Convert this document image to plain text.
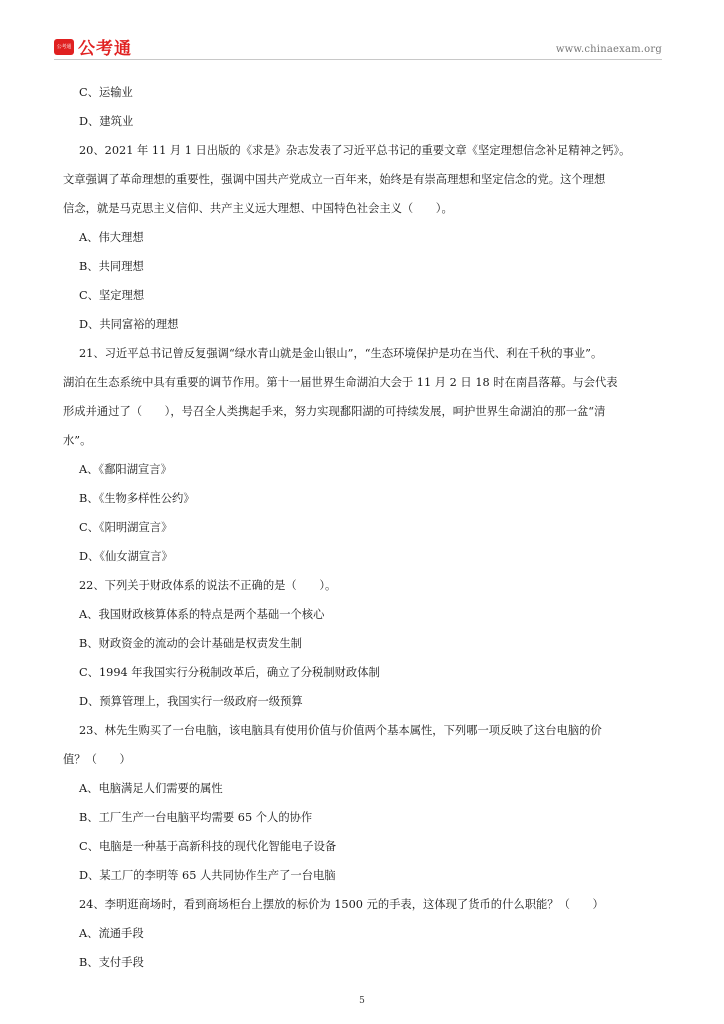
公考通 公考通	www.chinaexam.org
C、运输业
D、建筑业
20、2021 年 11 月 1 日出版的《求是》杂志发表了习近平总书记的重要文章《坚定理想信念补足精神之钙》。
文章强调了革命理想的重要性，强调中国共产党成立一百年来，始终是有崇高理想和坚定信念的党。这个理想
信念，就是马克思主义信仰、共产主义远大理想、中国特色社会主义（　　）。
A、伟大理想
B、共同理想
C、坚定理想
D、共同富裕的理想
21、习近平总书记曾反复强调“绿水青山就是金山银山”，“生态环境保护是功在当代、利在千秋的事业”。
湖泊在生态系统中具有重要的调节作用。第十一届世界生命湖泊大会于 11 月 2 日 18 时在南昌落幕。与会代表
形成并通过了（　　），号召全人类携起手来，努力实现鄱阳湖的可持续发展，呵护世界生命湖泊的那一盆“清
水”。
A、《鄱阳湖宣言》
B、《生物多样性公约》
C、《阳明湖宣言》
D、《仙女湖宣言》
22、下列关于财政体系的说法不正确的是（　　）。
A、我国财政核算体系的特点是两个基础一个核心
B、财政资金的流动的会计基础是权责发生制
C、1994 年我国实行分税制改革后，确立了分税制财政体制
D、预算管理上，我国实行一级政府一级预算
23、林先生购买了一台电脑，该电脑具有使用价值与价值两个基本属性，下列哪一项反映了这台电脑的价
值？（　　）
A、电脑满足人们需要的属性
B、工厂生产一台电脑平均需要 65 个人的协作
C、电脑是一种基于高新科技的现代化智能电子设备
D、某工厂的李明等 65 人共同协作生产了一台电脑
24、李明逛商场时，看到商场柜台上摆放的标价为 1500 元的手表，这体现了货币的什么职能？（　　）
A、流通手段
B、支付手段
5
